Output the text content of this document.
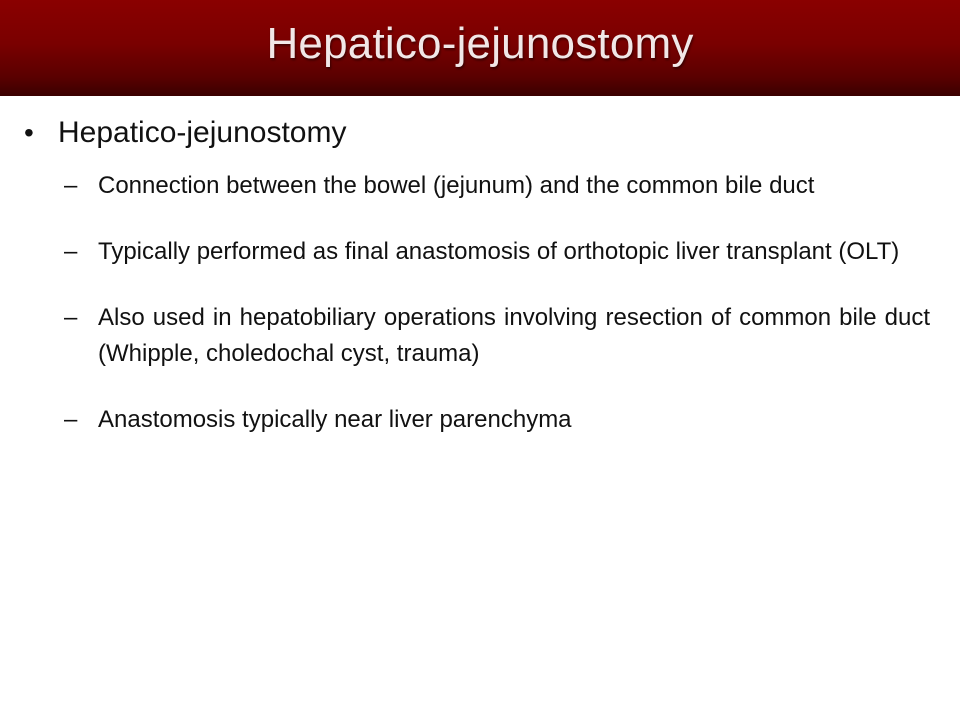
Hepatico-jejunostomy
• Hepatico-jejunostomy
– Connection between the bowel (jejunum) and the common bile duct
– Typically performed as final anastomosis of orthotopic liver transplant (OLT)
– Also used in hepatobiliary operations involving resection of common bile duct (Whipple, choledochal cyst, trauma)
– Anastomosis typically near liver parenchyma
